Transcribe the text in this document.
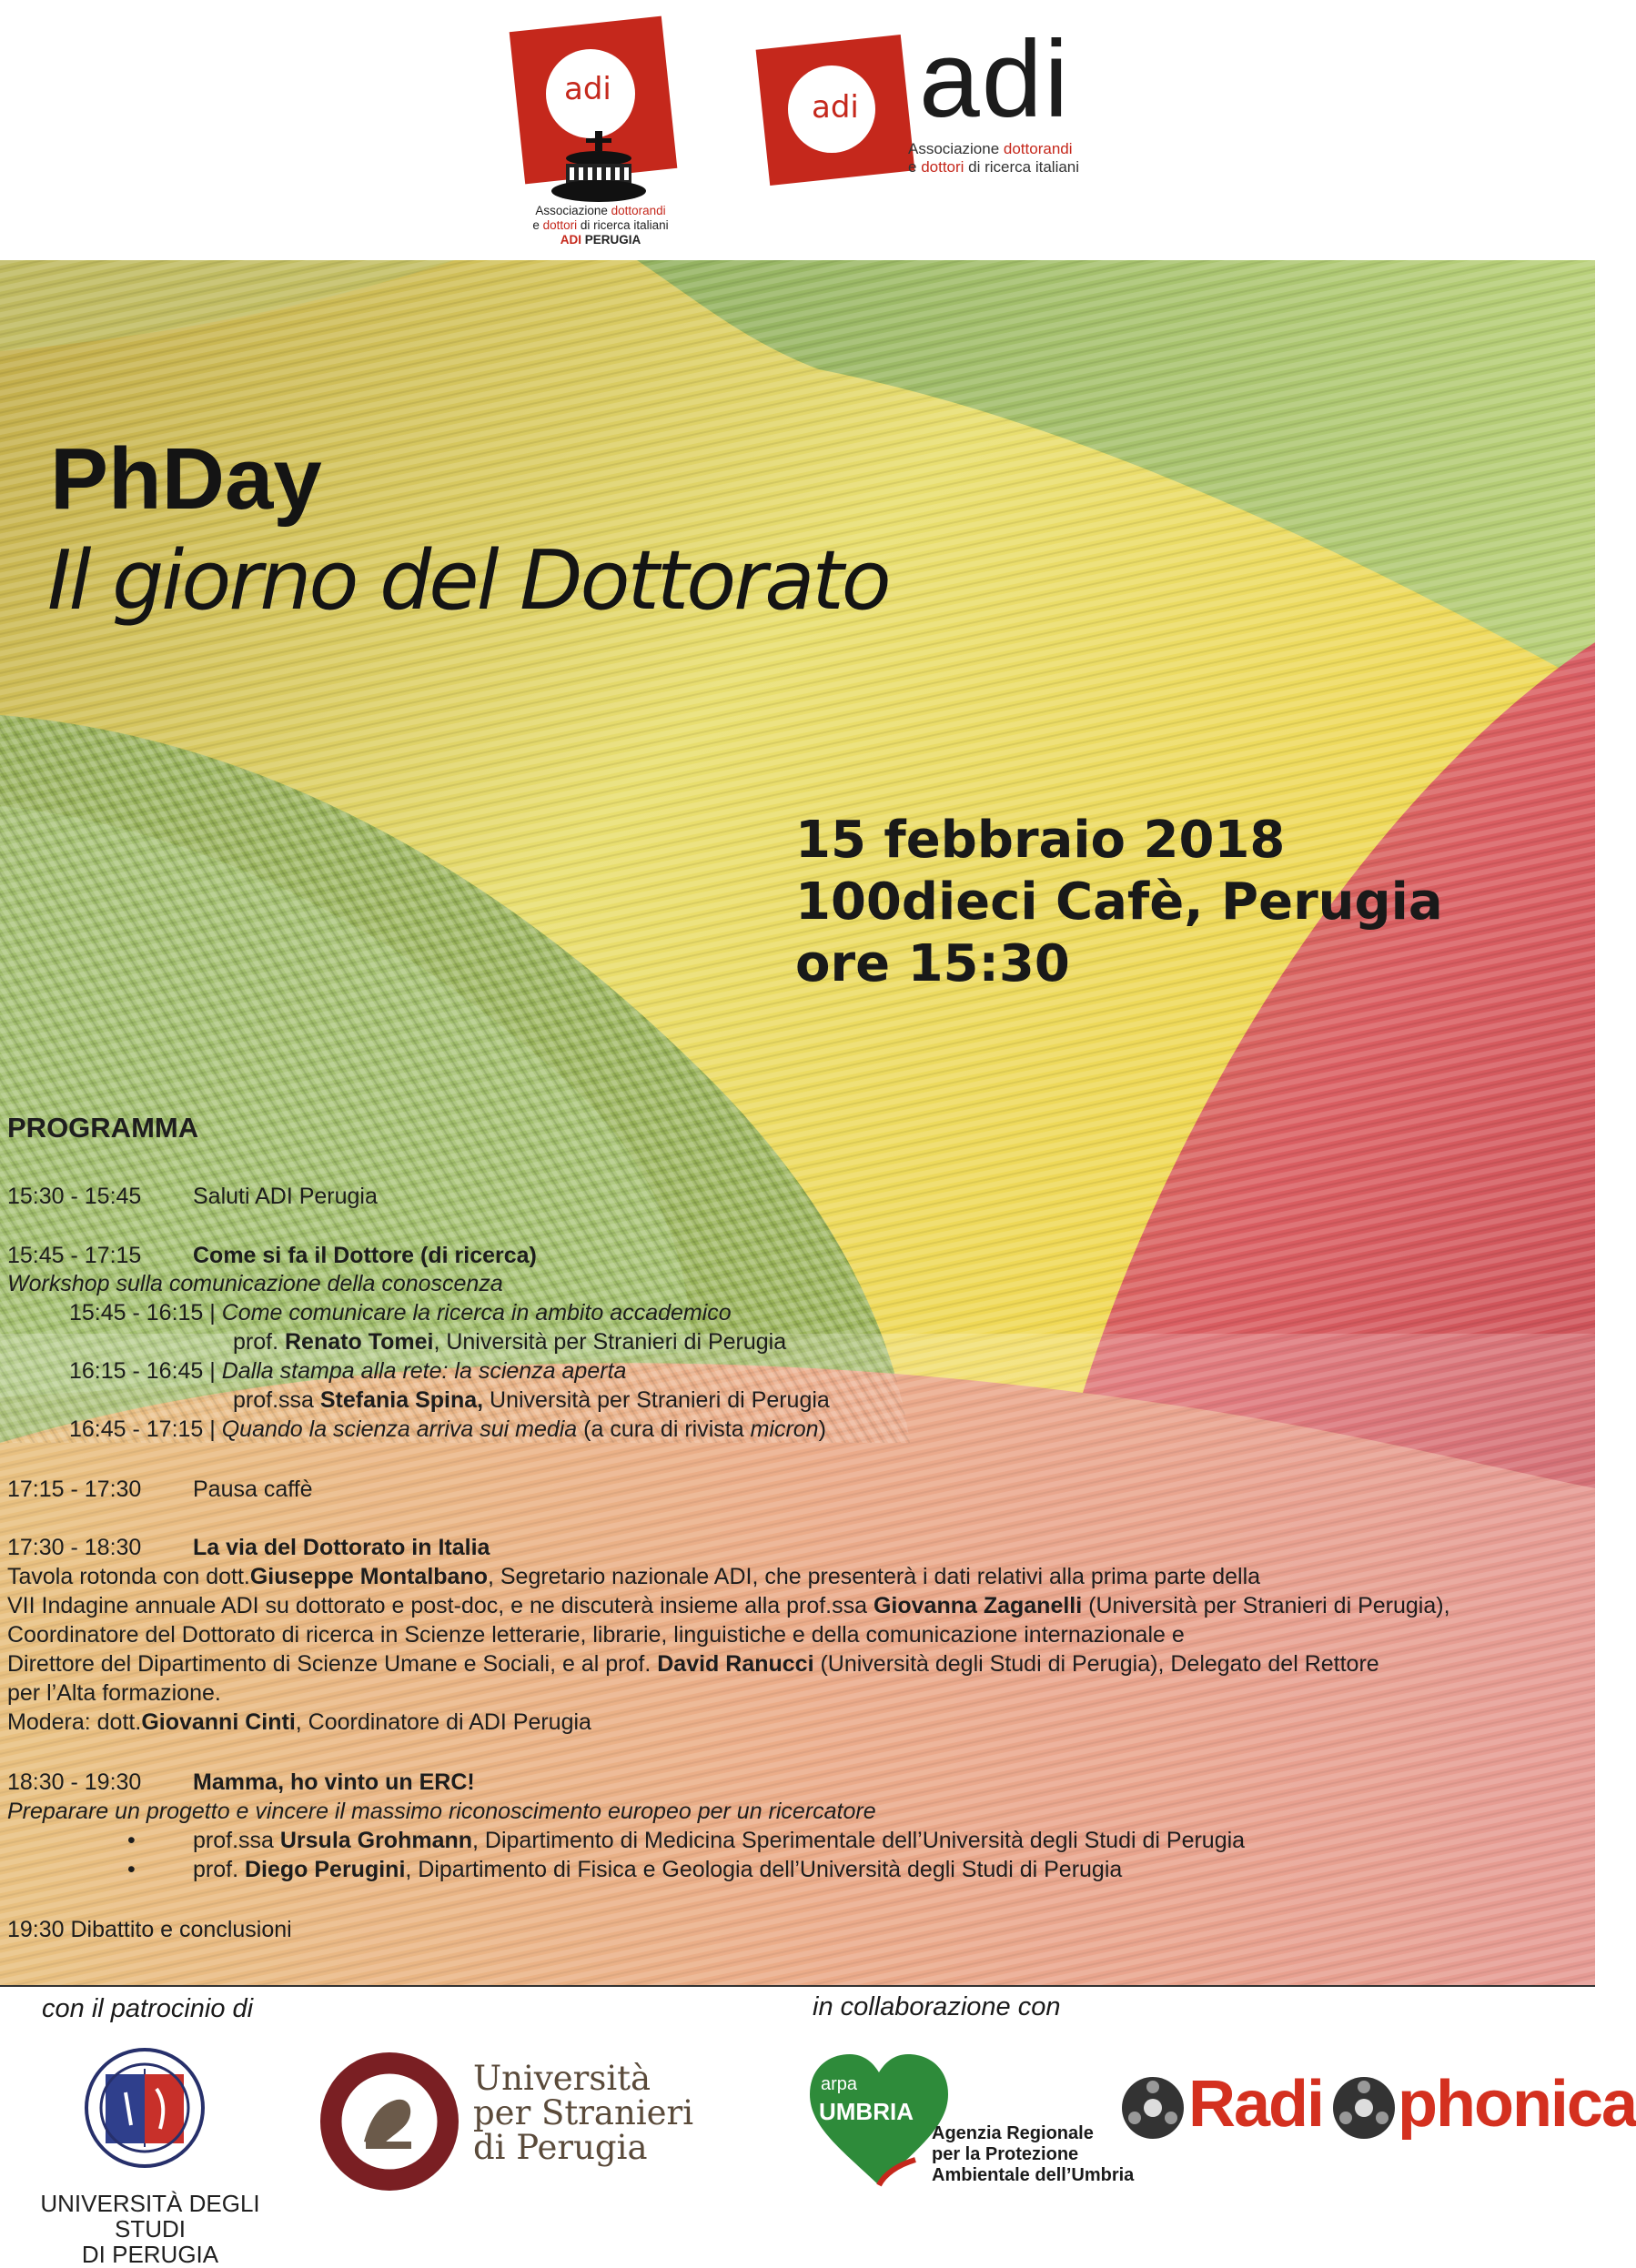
adi
Associazione dottorandi
e dottori di ricerca italiani
ADI PERUGIA
adi adi
Associazione dottorandi
e dottori di ricerca italiani
PhDay
Il giorno del Dottorato
15 febbraio 2018
100dieci Cafè, Perugia
ore 15:30
PROGRAMMA
15:30 - 15:45 Saluti ADI Perugia
15:45 - 17:15 Come si fa il Dottore (di ricerca)
Workshop sulla comunicazione della conoscenza
15:45 - 16:15 | Come comunicare la ricerca in ambito accademico
prof. Renato Tomei, Università per Stranieri di Perugia
16:15 - 16:45 | Dalla stampa alla rete: la scienza aperta
prof.ssa Stefania Spina, Università per Stranieri di Perugia
16:45 - 17:15 | Quando la scienza arriva sui media (a cura di rivista micron)
17:15 - 17:30 Pausa caffè
17:30 - 18:30 La via del Dottorato in Italia
Tavola rotonda con dott.Giuseppe Montalbano, Segretario nazionale ADI, che presenterà i dati relativi alla prima parte della
VII Indagine annuale ADI su dottorato e post-doc, e ne discuterà insieme alla prof.ssa Giovanna Zaganelli (Università per Stranieri di Perugia),
Coordinatore del Dottorato di ricerca in Scienze letterarie, librarie, linguistiche e della comunicazione internazionale e
Direttore del Dipartimento di Scienze Umane e Sociali, e al prof. David Ranucci (Università degli Studi di Perugia), Delegato del Rettore
per l’Alta formazione.
Modera: dott.Giovanni Cinti, Coordinatore di ADI Perugia
18:30 - 19:30 Mamma, ho vinto un ERC!
Preparare un progetto e vincere il massimo riconoscimento europeo per un ricercatore
•	prof.ssa Ursula Grohmann, Dipartimento di Medicina Sperimentale dell’Università degli Studi di Perugia
•	prof. Diego Perugini, Dipartimento di Fisica e Geologia dell’Università degli Studi di Perugia
19:30 Dibattito e conclusioni
con il patrocinio di	in collaborazione con
UNIVERSITÀ DEGLI STUDI
DI PERUGIA
Università
per Stranieri
di Perugia
arpa
UMBRIA
Agenzia Regionale
per la Protezione
Ambientale dell’Umbria
Radi phonica
